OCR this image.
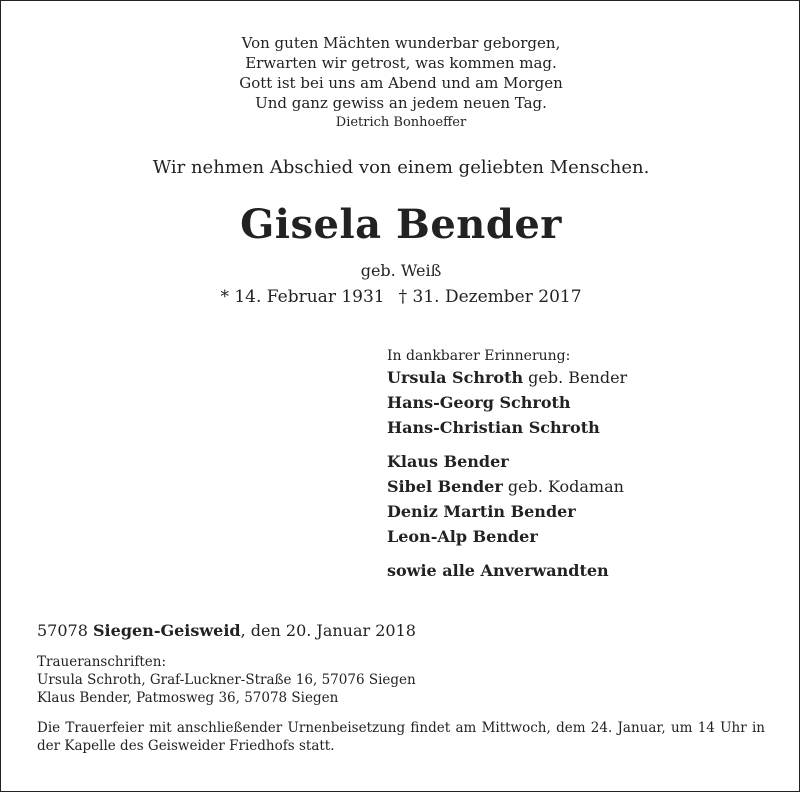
Von guten Mächten wunderbar geborgen,
Erwarten wir getrost, was kommen mag.
Gott ist bei uns am Abend und am Morgen
Und ganz gewiss an jedem neuen Tag.
Dietrich Bonhoeffer
Wir nehmen Abschied von einem geliebten Menschen.
Gisela Bender
geb. Weiß
* 14. Februar 1931 † 31. Dezember 2017
In dankbarer Erinnerung:
Ursula Schroth geb. Bender
Hans-Georg Schroth
Hans-Christian Schroth
Klaus Bender
Sibel Bender geb. Kodaman
Deniz Martin Bender
Leon-Alp Bender
sowie alle Anverwandten
57078 Siegen-Geisweid, den 20. Januar 2018
Traueranschriften:
Ursula Schroth, Graf-Luckner-Straße 16, 57076 Siegen
Klaus Bender, Patmosweg 36, 57078 Siegen
Die Trauerfeier mit anschließender Urnenbeisetzung findet am Mittwoch, dem 24. Januar, um 14 Uhr in der Kapelle des Geisweider Friedhofs statt.
